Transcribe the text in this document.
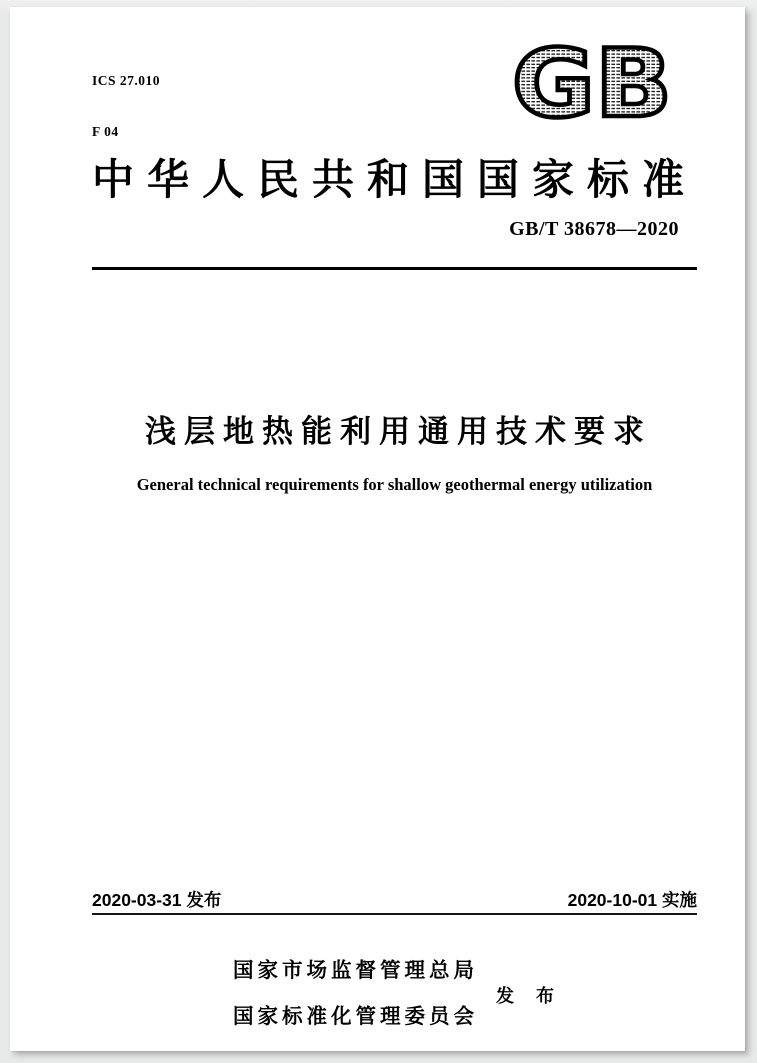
ICS 27.010

F 04

	GB
中华人民共和国国家标准
GB/T 38678—2020
浅层地热能利用通用技术要求
General technical requirements for shallow geothermal energy utilization
2020-03-31 发布	2020-10-01 实施

国家市场监督管理总局

国家标准化管理委员会

发　布
